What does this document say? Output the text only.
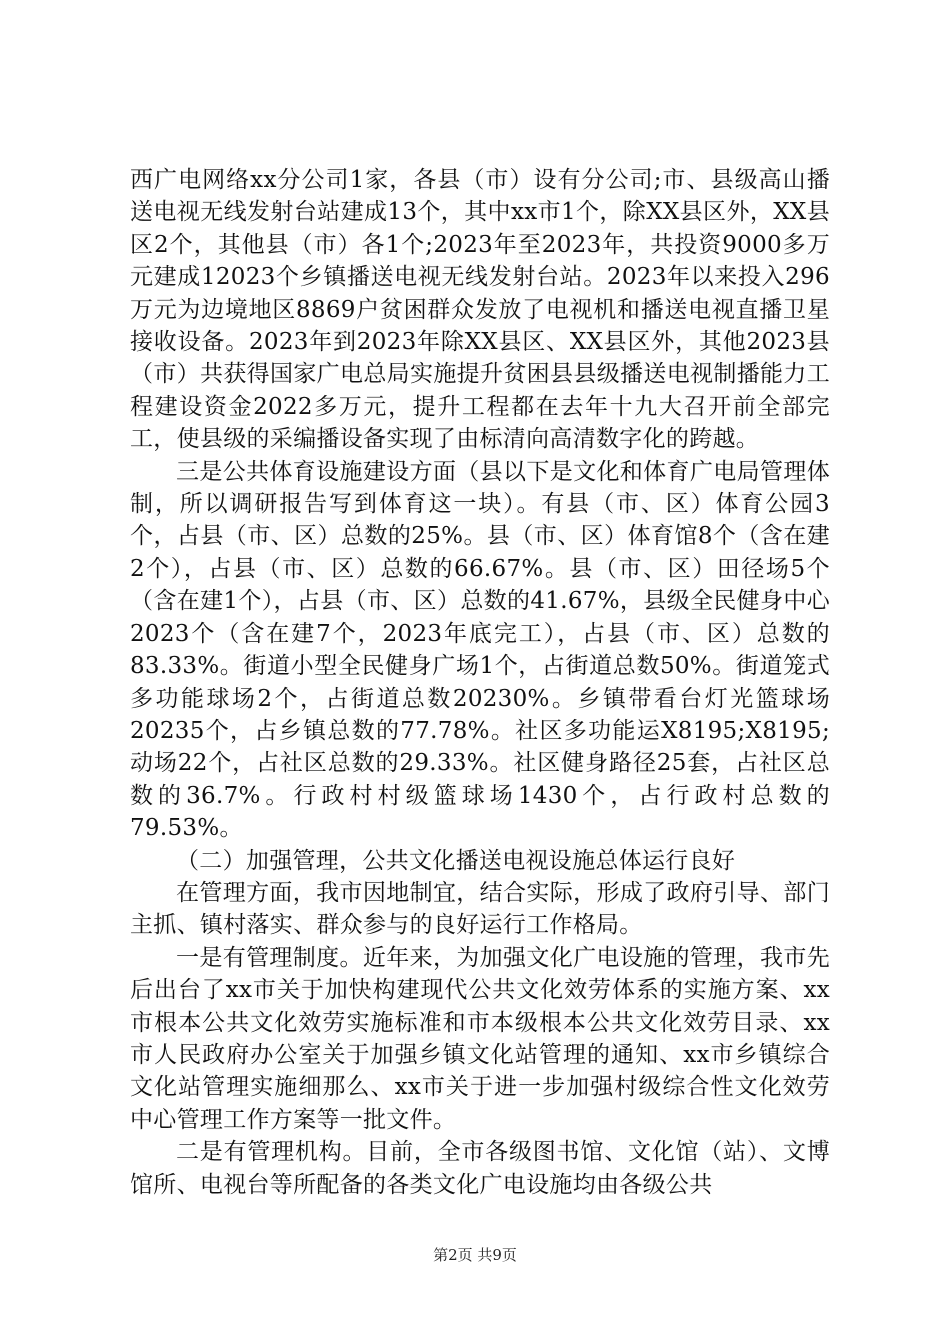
西广电网络xx分公司1家，各县（市）设有分公司;市、县级高山播送电视无线发射台站建成13个，其中xx市1个，除XX县区外，XX县区2个，其他县（市）各1个;2023年至2023年，共投资9000多万元建成12023个乡镇播送电视无线发射台站。2023年以来投入296万元为边境地区8869户贫困群众发放了电视机和播送电视直播卫星接收设备。2023年到2023年除XX县区、XX县区外，其他2023县（市）共获得国家广电总局实施提升贫困县县级播送电视制播能力工程建设资金2022多万元，提升工程都在去年十九大召开前全部完工，使县级的采编播设备实现了由标清向高清数字化的跨越。

三是公共体育设施建设方面（县以下是文化和体育广电局管理体制，所以调研报告写到体育这一块）。有县（市、区）体育公园3个，占县（市、区）总数的25%。县（市、区）体育馆8个（含在建2个），占县（市、区）总数的66.67%。县（市、区）田径场5个（含在建1个），占县（市、区）总数的41.67%，县级全民健身中心2023个（含在建7个，2023年底完工），占县（市、区）总数的83.33%。街道小型全民健身广场1个，占街道总数50%。街道笼式多功能球场2个，占街道总数20230%。乡镇带看台灯光篮球场20235个，占乡镇总数的77.78%。社区多功能运X8195;X8195;动场22个，占社区总数的29.33%。社区健身路径25套，占社区总数的36.7%。行政村村级篮球场1430个，占行政村总数的79.53%。

（二）加强管理，公共文化播送电视设施总体运行良好

在管理方面，我市因地制宜，结合实际，形成了政府引导、部门主抓、镇村落实、群众参与的良好运行工作格局。

一是有管理制度。近年来，为加强文化广电设施的管理，我市先后出台了xx市关于加快构建现代公共文化效劳体系的实施方案、xx市根本公共文化效劳实施标准和市本级根本公共文化效劳目录、xx市人民政府办公室关于加强乡镇文化站管理的通知、xx市乡镇综合文化站管理实施细那么、xx市关于进一步加强村级综合性文化效劳中心管理工作方案等一批文件。

二是有管理机构。目前，全市各级图书馆、文化馆（站）、文博馆所、电视台等所配备的各类文化广电设施均由各级公共

第2页 共9页
